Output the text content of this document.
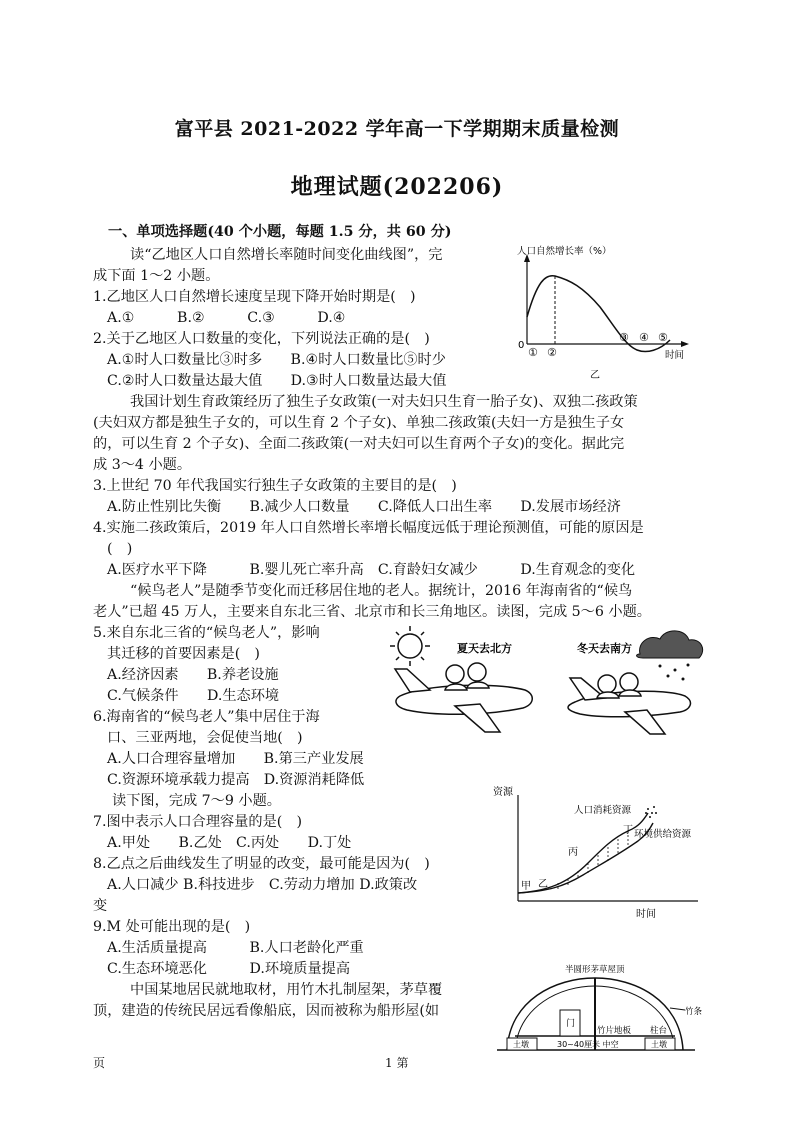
富平县 2021-2022 学年高一下学期期末质量检测
地理试题(202206)
一、单项选择题(40 个小题，每题 1.5 分，共 60 分)
读“乙地区人口自然增长率随时间变化曲线图”，完
成下面 1～2 小题。
1.乙地区人口自然增长速度呈现下降开始时期是(　)
A.①　　　B.②　　　C.③　　　D.④
2.关于乙地区人口数量的变化，下列说法正确的是(　)
A.①时人口数量比③时多　　B.④时人口数量比⑤时少
C.②时人口数量达最大值　　D.③时人口数量达最大值
我国计划生育政策经历了独生子女政策(一对夫妇只生育一胎子女)、双独二孩政策
(夫妇双方都是独生子女的，可以生育 2 个子女)、单独二孩政策(夫妇一方是独生子女
的，可以生育 2 个子女)、全面二孩政策(一对夫妇可以生育两个子女)的变化。据此完
成 3～4 小题。
3.上世纪 70 年代我国实行独生子女政策的主要目的是(　)
A.防止性别比失衡　　B.减少人口数量　　C.降低人口出生率　　D.发展市场经济
4.实施二孩政策后，2019 年人口自然增长率增长幅度远低于理论预测值，可能的原因是
(　)
A.医疗水平下降　　　B.婴儿死亡率升高　C.育龄妇女减少　　　D.生育观念的变化
“候鸟老人”是随季节变化而迁移居住地的老人。据统计，2016 年海南省的“候鸟
老人”已超 45 万人，主要来自东北三省、北京市和长三角地区。读图，完成 5～6 小题。
5.来自东北三省的“候鸟老人”，影响
其迁移的首要因素是(　)
A.经济因素　　B.养老设施
C.气候条件　　D.生态环境
6.海南省的“候鸟老人”集中居住于海
口、三亚两地，会促使当地(　)
A.人口合理容量增加　　B.第三产业发展
C.资源环境承载力提高　D.资源消耗降低
读下图，完成 7～9 小题。
7.图中表示人口合理容量的是(　)
A.甲处　　B.乙处　C.丙处　　D.丁处
8.乙点之后曲线发生了明显的改变，最可能是因为(　)
A.人口减少 B.科技进步　C.劳动力增加 D.政策改
变
9.M 处可能出现的是(　)
A.生活质量提高　　　B.人口老龄化严重
C.生态环境恶化　　　D.环境质量提高
中国某地居民就地取材，用竹木扎制屋架，茅草覆
顶，建造的传统民居远看像船底，因而被称为船形屋(如
人口自然增长率（%）
0
时间
① ②
③ ④ ⑤
乙
夏天去北方	冬天去南方
资源
时间
人口消耗资源
环境供给资源
甲 乙
丙
丁
半圆形茅草屋顶
竹条
竹片地板 柱台
门
土墩	30~40厘米 中空	土墩
页	1 第
